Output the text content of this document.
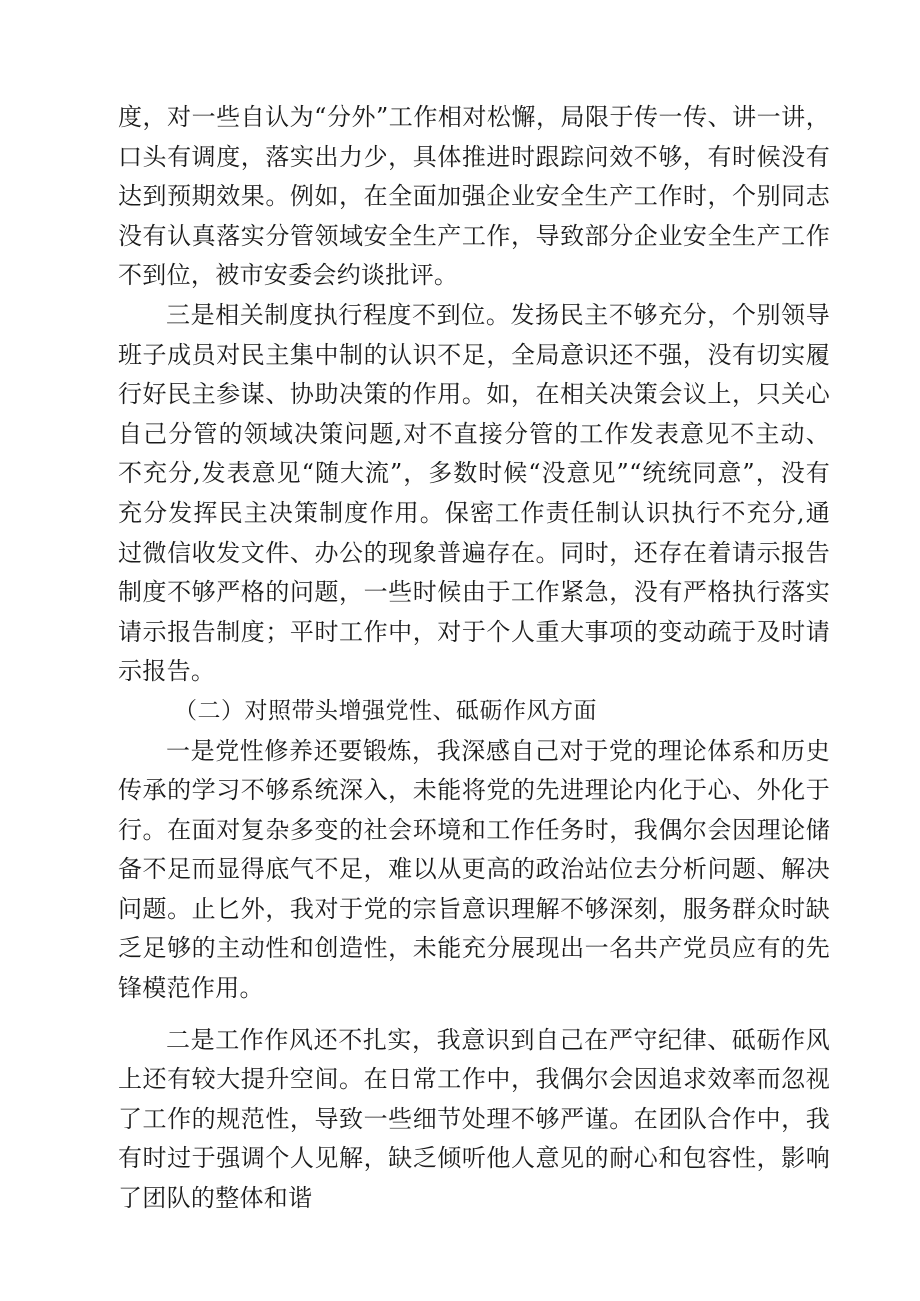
度，对一些自认为“分外”工作相对松懈，局限于传一传、讲一讲，口头有调度，落实出力少，具体推进时跟踪问效不够，有时候没有达到预期效果。例如，在全面加强企业安全生产工作时，个别同志没有认真落实分管领域安全生产工作，导致部分企业安全生产工作不到位，被市安委会约谈批评。

三是相关制度执行程度不到位。发扬民主不够充分，个别领导班子成员对民主集中制的认识不足，全局意识还不强，没有切实履行好民主参谋、协助决策的作用。如，在相关决策会议上，只关心自己分管的领域决策问题,对不直接分管的工作发表意见不主动、不充分,发表意见“随大流”，多数时候“没意见”“统统同意”，没有充分发挥民主决策制度作用。保密工作责任制认识执行不充分,通过微信收发文件、办公的现象普遍存在。同时，还存在着请示报告制度不够严格的问题，一些时候由于工作紧急，没有严格执行落实请示报告制度；平时工作中，对于个人重大事项的变动疏于及时请示报告。

（二）对照带头增强党性、砥砺作风方面

一是党性修养还要锻炼，我深感自己对于党的理论体系和历史传承的学习不够系统深入，未能将党的先进理论内化于心、外化于行。在面对复杂多变的社会环境和工作任务时，我偶尔会因理论储备不足而显得底气不足，难以从更高的政治站位去分析问题、解决问题。止匕外，我对于党的宗旨意识理解不够深刻，服务群众时缺乏足够的主动性和创造性，未能充分展现出一名共产党员应有的先锋模范作用。

二是工作作风还不扎实，我意识到自己在严守纪律、砥砺作风上还有较大提升空间。在日常工作中，我偶尔会因追求效率而忽视了工作的规范性，导致一些细节处理不够严谨。在团队合作中，我有时过于强调个人见解，缺乏倾听他人意见的耐心和包容性，影响了团队的整体和谐
